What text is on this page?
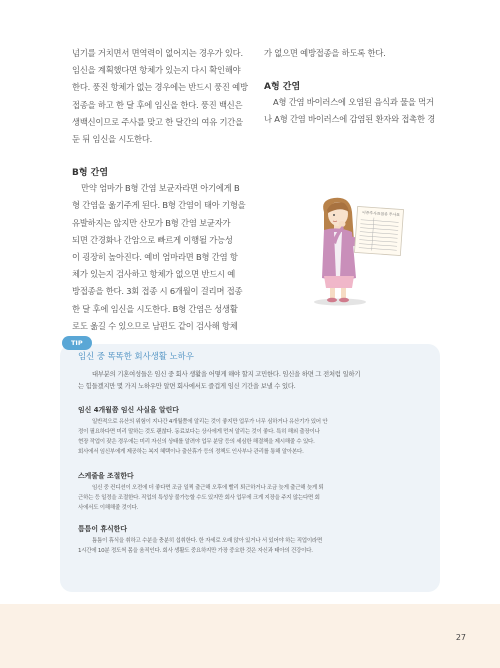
넘기를 거치면서 면역력이 없어지는 경우가 있다.
임신을 계획했다면 항체가 있는지 다시 확인해야
한다. 풍진 항체가 없는 경우에는 반드시 풍진 예방
접종을 하고 한 달 후에 임신을 한다. 풍진 백신은
생백신이므로 주사를 맞고 한 달간의 여유 기간을
둔 뒤 임신을 시도한다.
B형 간염
만약 엄마가 B형 간염 보균자라면 아기에게 B
형 간염을 옮기주게 된다. B형 간염이 태아 기형을
유발하지는 않지만 산모가 B형 간염 보균자가
되면 간경화나 간암으로 빠르게 이행될 가능성
이 굉장히 높아진다. 예비 엄마라면 B형 간염 항
체가 있는지 검사하고 항체가 없으면 반드시 예
방접종을 한다. 3회 접종 시 6개월이 걸리며 접종
한 달 후에 임신을 시도한다. B형 간염은 성생활
로도 옮길 수 있으므로 남편도 같이 검사해 항체
가 없으면 예방접종을 하도록 한다.
A형 간염
A형 간염 바이러스에 오염된 음식과 물을 먹거
나 A형 간염 바이러스에 감염된 환자와 접촉한 경
이종주사표접종 주사표
TIP
임신 중 똑똑한 회사생활 노하우
대부분의 기혼여성들은 임신 중 회사 생활을 어떻게 해야 할지 고민한다. 임신을 하면 그 전처럼 일하기
는 힘들겠지만 몇 가지 노하우만 알면 회사에서도 즐겁게 임신 기간을 보낼 수 있다.
임신 4개월쯤 임신 사실을 알린다
일반적으로 유산의 위험이 지나간 4개월쯤에 알리는 것이 좋지만 업무가 너무 심하거나 유산기가 있어 안
정이 필요하다면 미리 말하는 것도 괜찮다. 동료보다는 상사에게 먼저 알리는 것이 좋다. 특히 해외 출장이나
현장 작업이 잦은 경우에는 미리 자신의 상태를 알려야 업무 분담 등의 세심한 해결책을 제시해줄 수 있다.
회사에서 임신부에게 제공하는 복지 혜택이나 출산휴가 등의 정책도 인사부나 관리를 통해 알아본다.
스케줄을 조절한다
임신 중 컨디션이 오전에 더 좋다면 조금 일찍 출근해 오후에 빨리 퇴근하거나 조금 늦게 출근해 늦게 퇴
근하는 등 일정을 조절한다. 직업의 특성상 불가능할 수도 있지만 회사 업무에 크게 지장을 주지 않는다면 회
사에서도 이해해줄 것이다.
틈틈이 휴식한다
틈틈이 휴식을 취하고 수분을 충분히 섭취한다. 한 자세로 오래 앉아 있거나 서 있어야 하는 직업이라면
1시간에 10분 정도씩 몸을 움직인다. 회사 생활도 중요하지만 가장 중요한 것은 자신과 태아의 건강이다.
27
